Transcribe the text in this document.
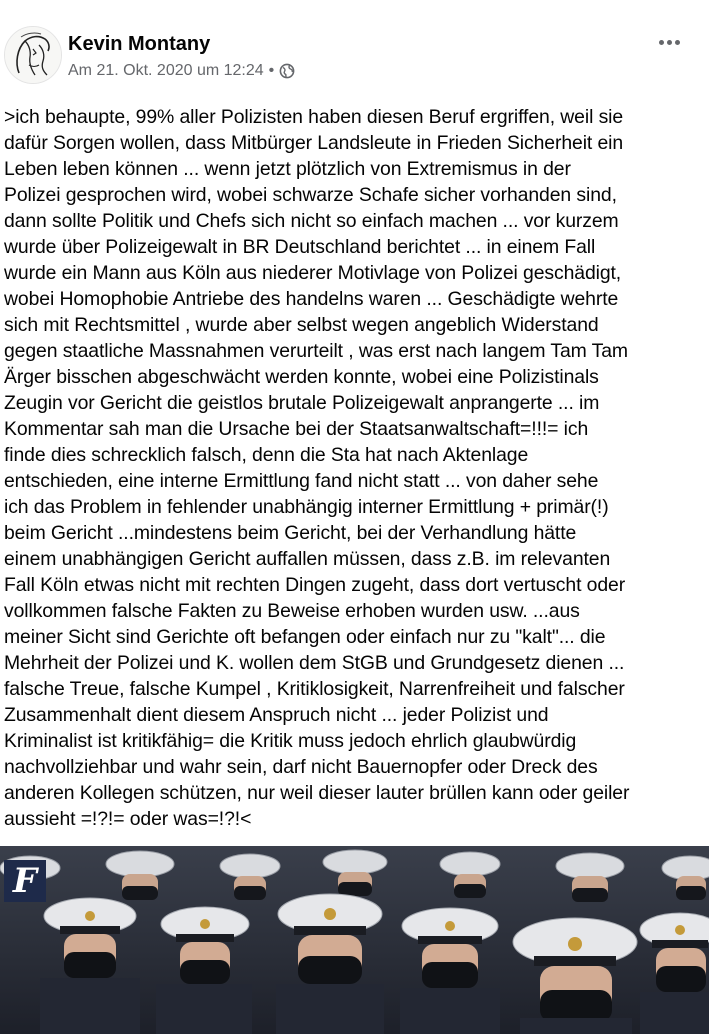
Kevin Montany
Am 21. Okt. 2020 um 12:24 •
>ich behaupte, 99% aller Polizisten haben diesen Beruf ergriffen, weil sie
dafür Sorgen wollen, dass Mitbürger Landsleute in Frieden Sicherheit ein
Leben leben können ... wenn jetzt plötzlich von Extremismus in der
Polizei gesprochen wird, wobei schwarze Schafe sicher vorhanden sind,
dann sollte Politik und Chefs sich nicht so einfach machen ... vor kurzem
wurde über Polizeigewalt in BR Deutschland berichtet ... in einem Fall
wurde ein Mann aus Köln aus niederer Motivlage von Polizei geschädigt,
wobei Homophobie Antriebe des handelns waren ... Geschädigte wehrte
sich mit Rechtsmittel , wurde aber selbst wegen angeblich Widerstand
gegen staatliche Massnahmen verurteilt , was erst nach langem Tam Tam
Ärger bisschen abgeschwächt werden konnte, wobei eine Polizistinals
Zeugin vor Gericht die geistlos brutale Polizeigewalt anprangerte ... im
Kommentar sah man die Ursache bei der Staatsanwaltschaft=!!!= ich
finde dies schrecklich falsch, denn die Sta hat nach Aktenlage
entschieden, eine interne Ermittlung fand nicht statt ... von daher sehe
ich das Problem in fehlender unabhängig interner Ermittlung + primär(!)
beim Gericht ...mindestens beim Gericht, bei der Verhandlung hätte
einem unabhängigen Gericht auffallen müssen, dass z.B. im relevanten
Fall Köln etwas nicht mit rechten Dingen zugeht, dass dort vertuscht oder
vollkommen falsche Fakten zu Beweise erhoben wurden usw. ...aus
meiner Sicht sind Gerichte oft befangen oder einfach nur zu "kalt"... die
Mehrheit der Polizei und K. wollen dem StGB und Grundgesetz dienen ...
falsche Treue, falsche Kumpel , Kritiklosigkeit, Narrenfreiheit und falscher
Zusammenhalt dient diesem Anspruch nicht ... jeder Polizist und
Kriminalist ist kritikfähig= die Kritik muss jedoch ehrlich glaubwürdig
nachvollziehbar und wahr sein, darf nicht Bauernopfer oder Dreck des
anderen Kollegen schützen, nur weil dieser lauter brüllen kann oder geiler
aussieht =!?!= oder was=!?!<
F
